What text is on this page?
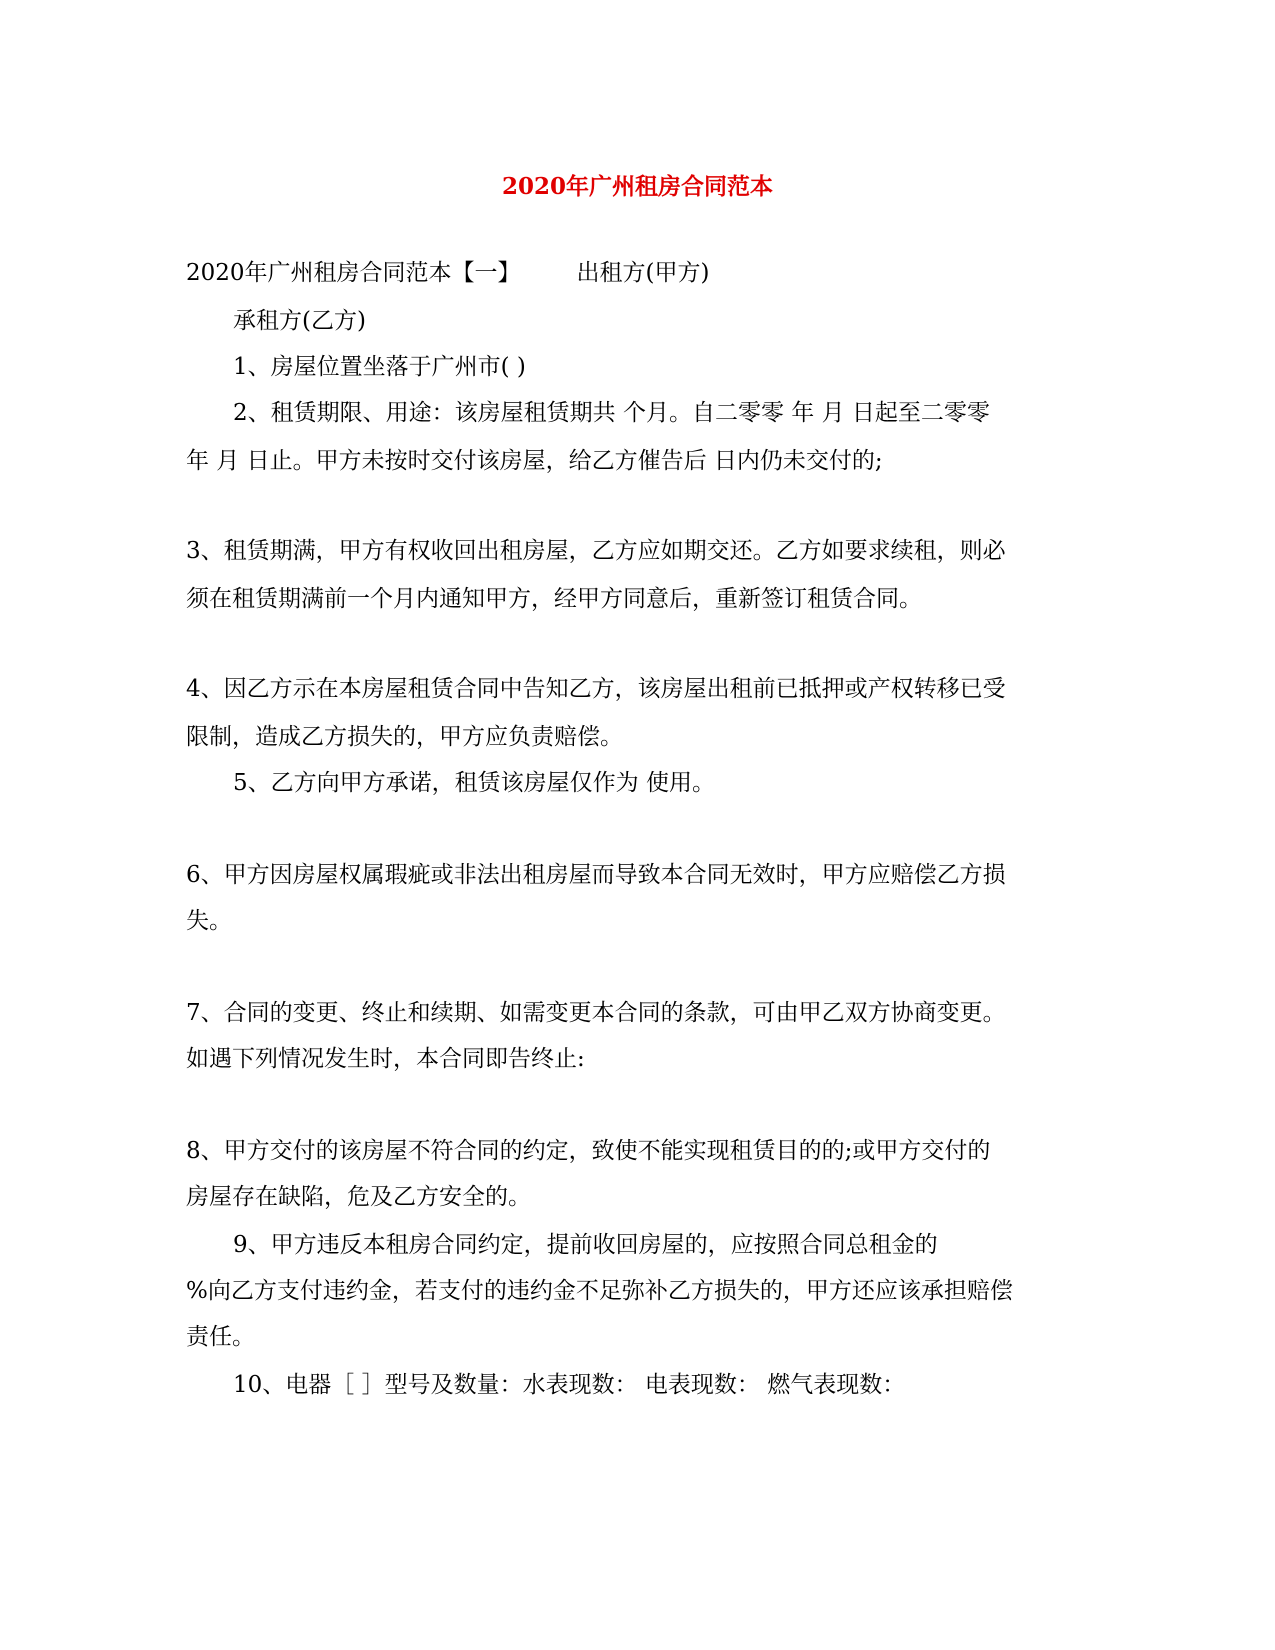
2020年广州租房合同范本
2020年广州租房合同范本【一】 出租方(甲方)
承租方(乙方)
1、房屋位置坐落于广州市( )
2、租赁期限、用途：该房屋租赁期共 个月。自二零零 年 月 日起至二零零
年 月 日止。甲方未按时交付该房屋，给乙方催告后 日内仍未交付的;
3、租赁期满，甲方有权收回出租房屋，乙方应如期交还。乙方如要求续租，则必
须在租赁期满前一个月内通知甲方，经甲方同意后，重新签订租赁合同。
4、因乙方示在本房屋租赁合同中告知乙方，该房屋出租前已抵押或产权转移已受
限制，造成乙方损失的，甲方应负责赔偿。
5、乙方向甲方承诺，租赁该房屋仅作为 使用。
6、甲方因房屋权属瑕疵或非法出租房屋而导致本合同无效时，甲方应赔偿乙方损
失。
7、合同的变更、终止和续期、如需变更本合同的条款，可由甲乙双方协商变更。
如遇下列情况发生时，本合同即告终止:
8、甲方交付的该房屋不符合同的约定，致使不能实现租赁目的的;或甲方交付的
房屋存在缺陷，危及乙方安全的。
9、甲方违反本租房合同约定，提前收回房屋的，应按照合同总租金的
%向乙方支付违约金，若支付的违约金不足弥补乙方损失的，甲方还应该承担赔偿
责任。
10、电器［ ］型号及数量：水表现数： 电表现数： 燃气表现数：
